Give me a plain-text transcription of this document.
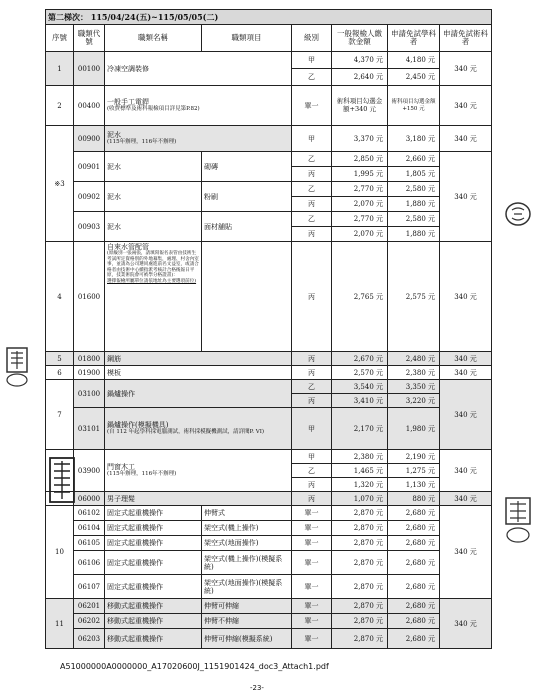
第二梯次： 115/04/24(五)~115/05/05(二)							
序號	職類代號	職類名稱	職類項目	級別	一般報檢人繳款金額	申請免試學科者	申請免試術科者
1	00100	冷凍空調裝修		甲	4,370 元	4,180 元	340 元
				乙	2,640 元	2,450 元	
2	00400	一般手工電銲
(收費標準及術科報檢項目詳見第P.82)		單一	術科項目勾選金額+340 元	術科項目勾選金額+150 元	340 元
※3	00900	泥水
(115年辦理，116年不辦理)		甲	3,370 元	3,180 元	340 元
	00901	泥水	砌磚	乙	2,850 元	2,660 元	340 元
				丙	1,995 元	1,805 元	
	00902	泥水	粉刷	乙	2,770 元	2,580 元	
				丙	2,070 元	1,880 元	
	00903	泥水	面材舖貼	乙	2,770 元	2,580 元	
				丙	2,070 元	1,880 元	
4	01600	自來水管配管
(原級別一張兩張，請填寫報名表管由技術生考試所定資格別的外地幕集，處理、村舍內室事，並請為公司選同處進前名文益室，或請合格者由技術中心續指派考核計合格後報日平原，技業術院會可被學分格證書)：
選擇報檢所屬單位請依地址為主要選項前位)		丙	2,765 元	2,575 元	340 元
5	01800	鋼筋		丙	2,670 元	2,480 元	340 元
6	01900	模板		丙	2,570 元	2,380 元	340 元
7	03100	鍋爐操作		乙	3,540 元	3,350 元	340 元
				丙	3,410 元	3,220 元	
	03101	鍋爐操作(模擬機具)
(自 112 年起學科採電腦測試，術科採模擬機測試，請詳閱P. VI)		甲	2,170 元	1,980 元	
	03900	門窗木工
(115年辦理，116年不辦理)		甲	2,380 元	2,190 元	340 元
				乙	1,465 元	1,275 元	
				丙	1,320 元	1,130 元	
	06000	男子理髮		丙	1,070 元	880 元	340 元
10	06102	固定式起重機操作	伸臂式	單一	2,870 元	2,680 元	340 元
	06104	固定式起重機操作	架空式(機上操作)	單一	2,870 元	2,680 元	
	06105	固定式起重機操作	架空式(地面操作)	單一	2,870 元	2,680 元	
	06106	固定式起重機操作	架空式(機上操作)(模擬系統)	單一	2,870 元	2,680 元	
	06107	固定式起重機操作	架空式(地面操作)(模擬系統)	單一	2,870 元	2,680 元	
11	06201	移動式起重機操作	伸臂可伸縮	單一	2,870 元	2,680 元	340 元
	06202	移動式起重機操作	伸臂不伸縮	單一	2,870 元	2,680 元	
	06203	移動式起重機操作	伸臂可伸縮(模擬系統)	單一	2,870 元	2,680 元	
A51000000A0000000_A17020600J_1151901424_doc3_Attach1.pdf
-23-
